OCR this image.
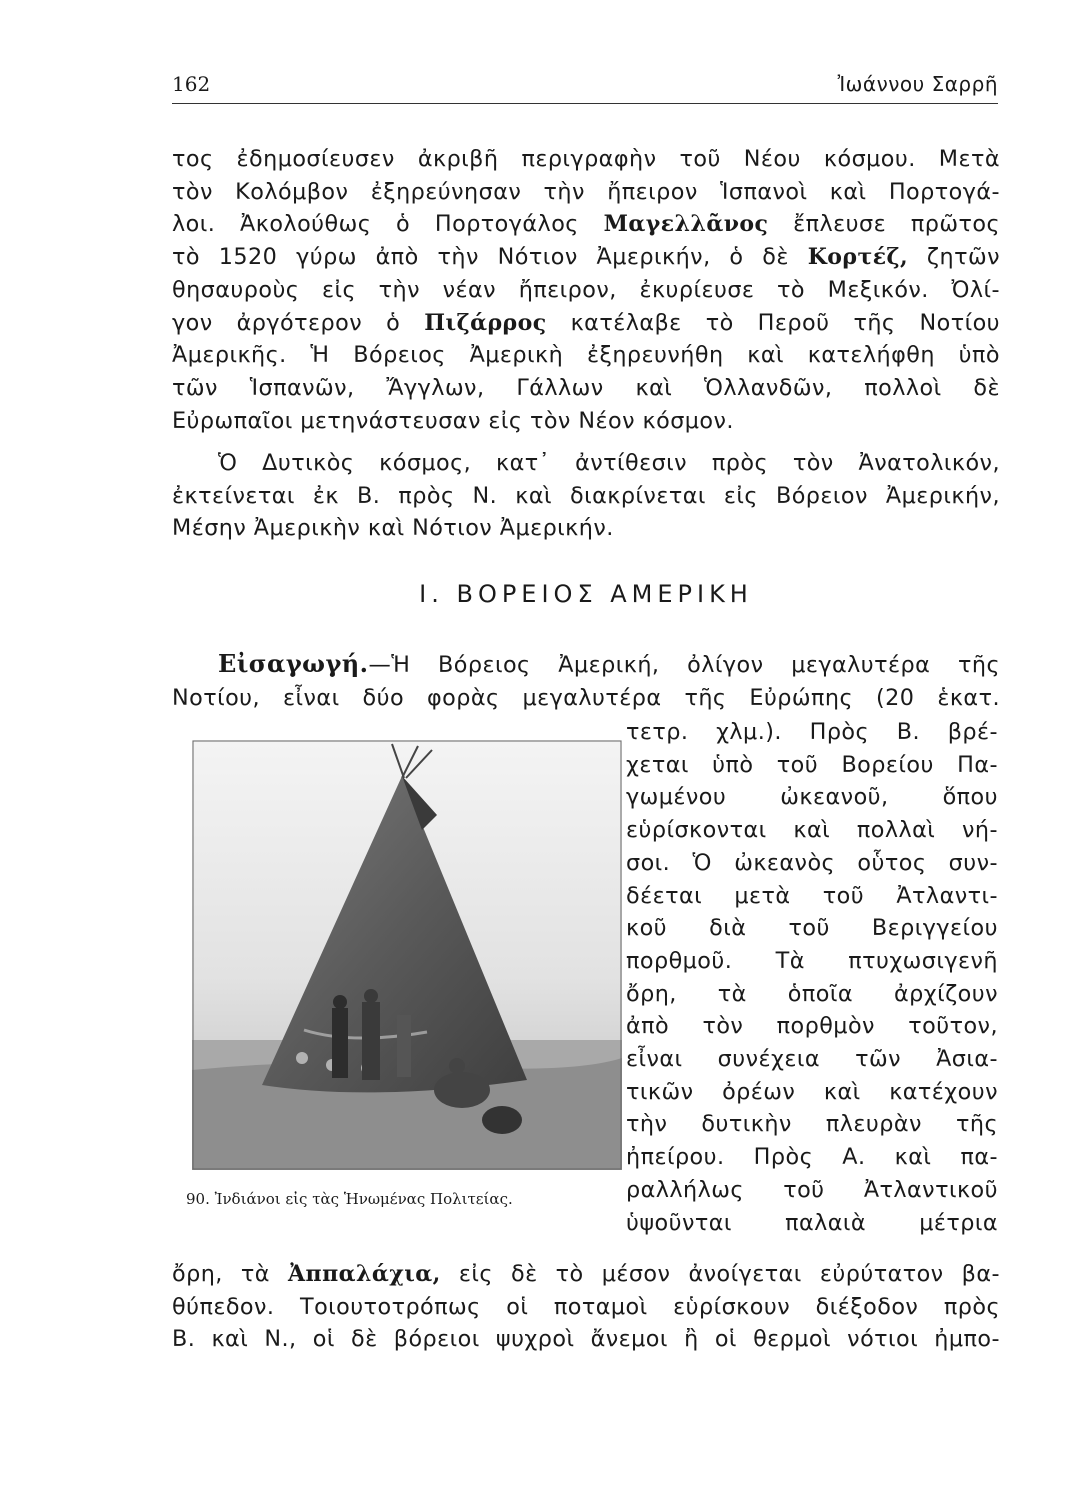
162	Ἰωάννου Σαρρῆ
τος ἐδημοσίευσεν ἀκριβῆ περιγραφὴν τοῦ Νέου κόσμου. Μετὰ
τὸν Κολόμβον ἐξηρεύνησαν τὴν ἤπειρον Ἱσπανοὶ καὶ Πορτογά-
λοι. Ἀκολούθως ὁ Πορτογάλος Μαγελλᾶνος ἔπλευσε πρῶτος
τὸ 1520 γύρω ἀπὸ τὴν Νότιον Ἀμερικήν, ὁ δὲ Κορτέζ, ζητῶν
θησαυροὺς εἰς τὴν νέαν ἤπειρον, ἐκυρίευσε τὸ Μεξικόν. Ὀλί-
γον ἀργότερον ὁ Πιζάρρος κατέλαβε τὸ Περοῦ τῆς Νοτίου
Ἀμερικῆς. Ἡ Βόρειος Ἀμερικὴ ἐξηρευνήθη καὶ κατελήφθη ὑπὸ
τῶν Ἱσπανῶν, Ἄγγλων, Γάλλων καὶ Ὁλλανδῶν, πολλοὶ δὲ
Εὐρωπαῖοι μετηνάστευσαν εἰς τὸν Νέον κόσμον.
Ὁ Δυτικὸς κόσμος, κατ᾽ ἀντίθεσιν πρὸς τὸν Ἀνατολικόν,
ἐκτείνεται ἐκ Β. πρὸς Ν. καὶ διακρίνεται εἰς Βόρειον Ἀμερικήν,
Μέσην Ἀμερικὴν καὶ Νότιον Ἀμερικήν.
I. ΒΟΡΕΙΟΣ ΑΜΕΡΙΚΗ
Εἰσαγωγή.—Ἡ Βόρειος Ἀμερική, ὀλίγον μεγαλυτέρα τῆς
Νοτίου, εἶναι δύο φορὰς μεγαλυτέρα τῆς Εὐρώπης (20 ἑκατ.
90. Ἰνδιάνοι εἰς τὰς Ἡνωμένας Πολιτείας.
τετρ. χλμ.). Πρὸς Β. βρέ-
χεται ὑπὸ τοῦ Βορείου Πα-
γωμένου ὠκεανοῦ, ὅπου
εὑρίσκονται καὶ πολλαὶ νή-
σοι. Ὁ ὠκεανὸς οὗτος συν-
δέεται μετὰ τοῦ Ἀτλαντι-
κοῦ διὰ τοῦ Βεριγγείου
πορθμοῦ. Τὰ πτυχωσιγενῆ
ὄρη, τὰ ὁποῖα ἀρχίζουν
ἀπὸ τὸν πορθμὸν τοῦτον,
εἶναι συνέχεια τῶν Ἀσια-
τικῶν ὀρέων καὶ κατέχουν
τὴν δυτικὴν πλευρὰν τῆς
ἠπείρου. Πρὸς Α. καὶ πα-
ραλλήλως τοῦ Ἀτλαντικοῦ
ὑψοῦνται παλαιὰ μέτρια
ὄρη, τὰ Ἀππαλάχια, εἰς δὲ τὸ μέσον ἀνοίγεται εὐρύτατον βα-
θύπεδον. Τοιουτοτρόπως οἱ ποταμοὶ εὑρίσκουν διέξοδον πρὸς
Β. καὶ Ν., οἱ δὲ βόρειοι ψυχροὶ ἄνεμοι ἢ οἱ θερμοὶ νότιοι ἠμπο-
